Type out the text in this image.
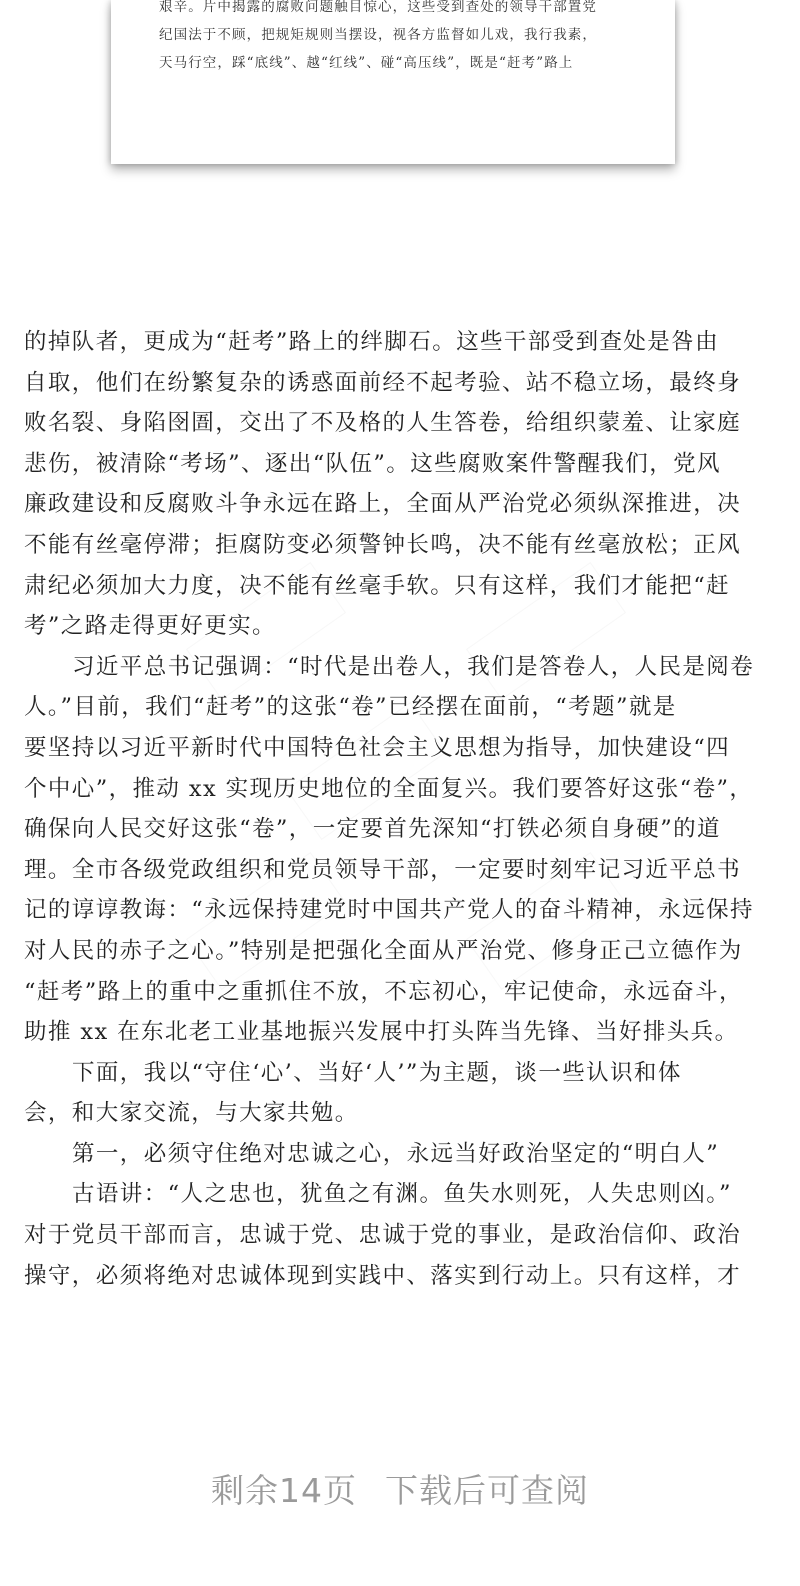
艰辛。片中揭露的腐败问题触目惊心，这些受到查处的领导干部置党

纪国法于不顾，把规矩规则当摆设，视各方监督如儿戏，我行我素，

天马行空，踩“底线”、越“红线”、碰“高压线”，既是“赶考”路上

的掉队者，更成为“赶考”路上的绊脚石。这些干部受到查处是咎由
自取，他们在纷繁复杂的诱惑面前经不起考验、站不稳立场，最终身
败名裂、身陷囹圄，交出了不及格的人生答卷，给组织蒙羞、让家庭
悲伤，被清除“考场”、逐出“队伍”。这些腐败案件警醒我们，党风
廉政建设和反腐败斗争永远在路上，全面从严治党必须纵深推进，决
不能有丝毫停滞；拒腐防变必须警钟长鸣，决不能有丝毫放松；正风
肃纪必须加大力度，决不能有丝毫手软。只有这样，我们才能把“赶
考”之路走得更好更实。
习近平总书记强调：“时代是出卷人，我们是答卷人，人民是阅卷
人。”目前，我们“赶考”的这张“卷”已经摆在面前，“考题”就是
要坚持以习近平新时代中国特色社会主义思想为指导，加快建设“四
个中心”，推动 xx 实现历史地位的全面复兴。我们要答好这张“卷”，
确保向人民交好这张“卷”，一定要首先深知“打铁必须自身硬”的道
理。全市各级党政组织和党员领导干部，一定要时刻牢记习近平总书
记的谆谆教诲：“永远保持建党时中国共产党人的奋斗精神，永远保持
对人民的赤子之心。”特别是把强化全面从严治党、修身正己立德作为
“赶考”路上的重中之重抓住不放，不忘初心，牢记使命，永远奋斗，
助推 xx 在东北老工业基地振兴发展中打头阵当先锋、当好排头兵。
下面，我以“守住‘心’、当好‘人’”为主题，谈一些认识和体
会，和大家交流，与大家共勉。
第一，必须守住绝对忠诚之心，永远当好政治坚定的“明白人”
古语讲：“人之忠也，犹鱼之有渊。鱼失水则死，人失忠则凶。”
对于党员干部而言，忠诚于党、忠诚于党的事业，是政治信仰、政治
操守，必须将绝对忠诚体现到实践中、落实到行动上。只有这样，才
剩余14页 下载后可查阅
